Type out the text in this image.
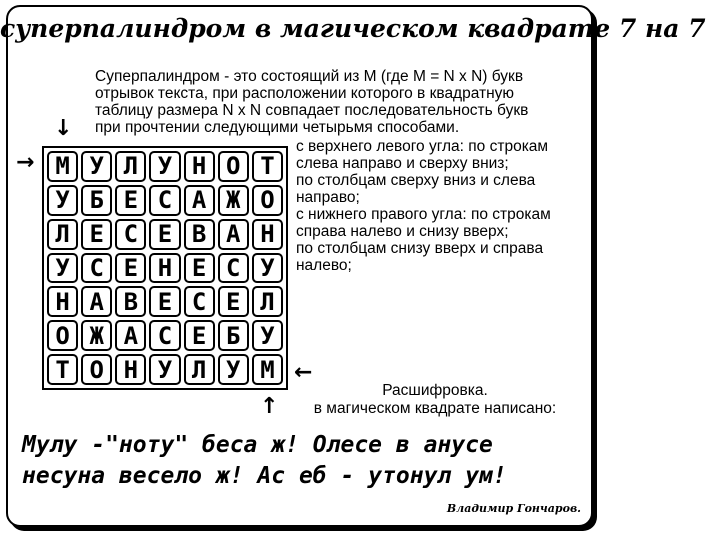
суперпалиндром в магическом квадрате 7 на 7
Суперпалиндром - это состоящий из M (где M = N x N) букв
отрывок текста, при расположении которого в квадратную
таблицу размера N x N совпадает последовательность букв
при прочтении следующими четырьмя способами.
с верхнего левого угла: по строкам
слева направо и сверху вниз;
по столбцам сверху вниз и слева
направо;
с нижнего правого угла: по строкам
справа налево и снизу вверх;
по столбцам снизу вверх и справа
налево;
↓
→
↑
←
М У Л У Н О Т
У Б Е С А Ж О
Л Е С Е В А Н
У С Е Н Е С У
Н А В Е С Е Л
О Ж А С Е Б У
Т О Н У Л У М
Расшифровка.
в магическом квадрате написано:
Мулу -"ноту" беса ж! Олесе в анусе
несуна весело ж! Ас еб - утонул ум!
Владимир Гончаров.
